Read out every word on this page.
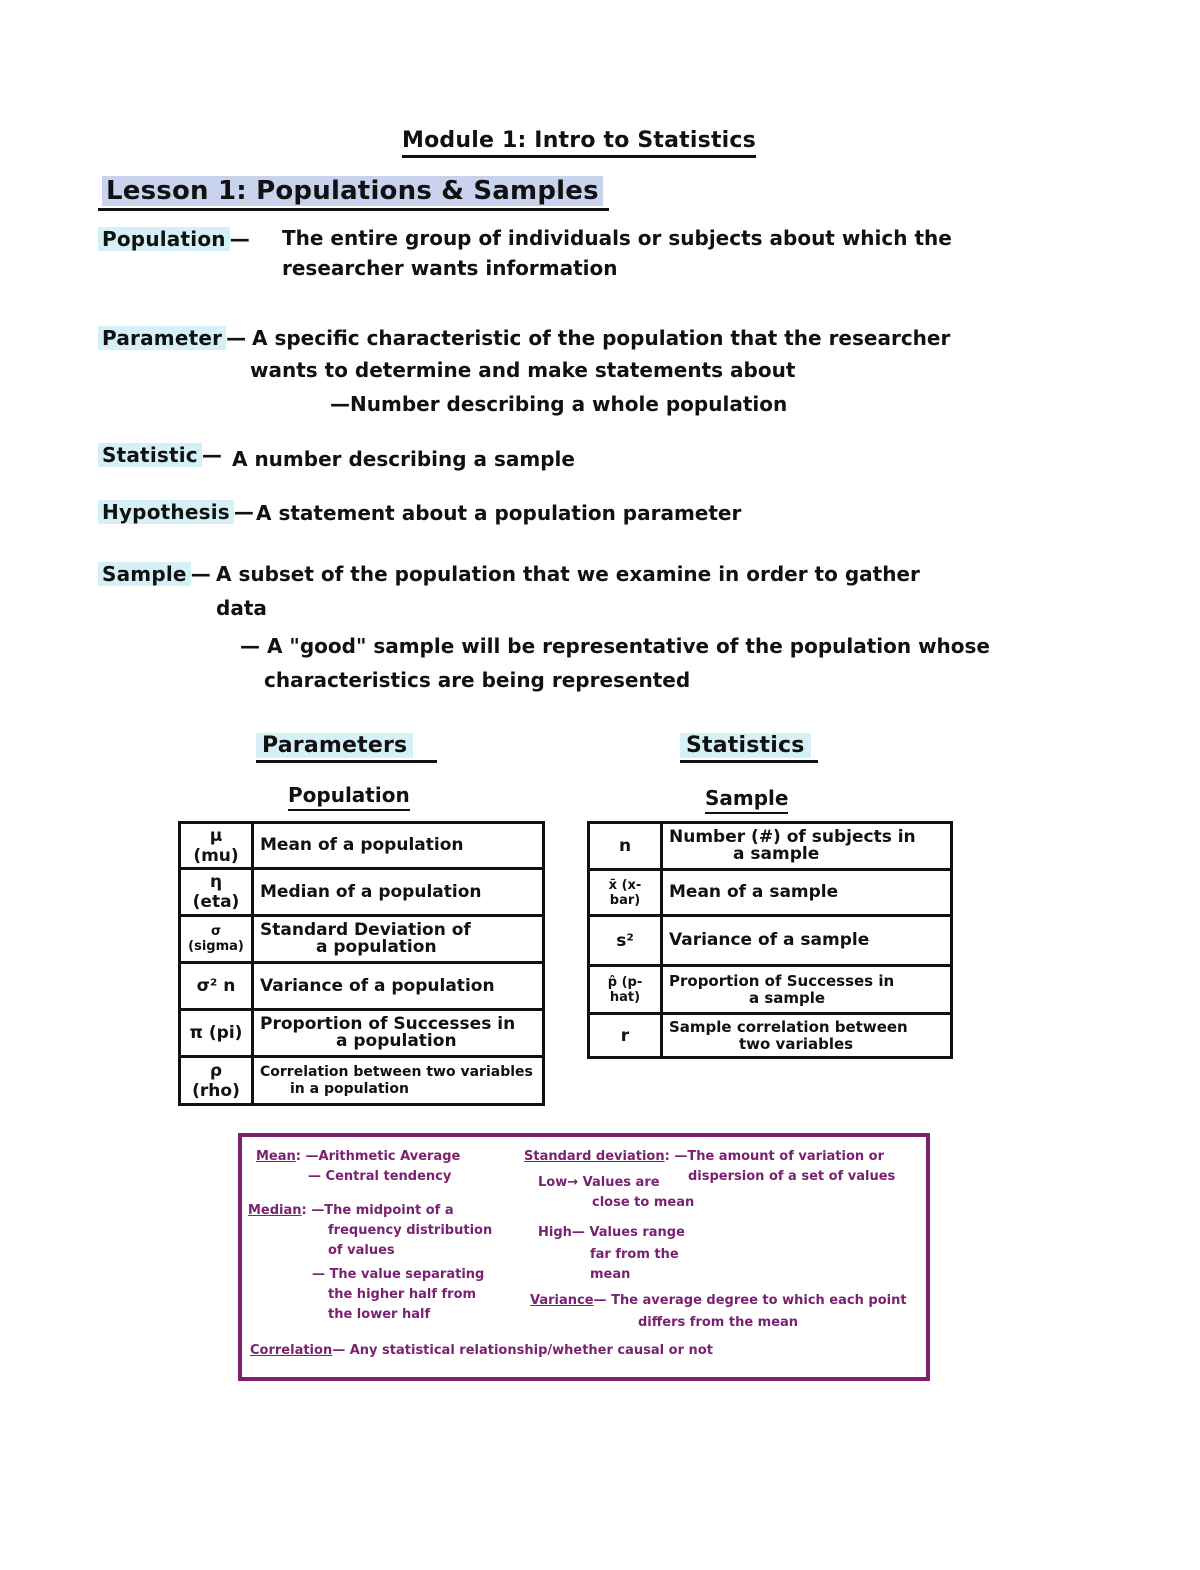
Module 1: Intro to Statistics
Lesson 1: Populations & Samples
Population — The entire group of individuals or subjects about which the
researcher wants information
Parameter — A specific characteristic of the population that the researcher
wants to determine and make statements about
—Number describing a whole population
Statistic — A number describing a sample
Hypothesis — A statement about a population parameter
Sample — A subset of the population that we examine in order to gather
data
— A "good" sample will be representative of the population whose
characteristics are being represented
Parameters
Population
μ (mu)	Mean of a population

η (eta)	Median of a population

σ (sigma)	Standard Deviation of
a population

σ² n	Variance of a population

π (pi)	Proportion of Successes in
a population

ρ (rho)	Correlation between two variables
in a population
Statistics
Sample
n	Number (#) of subjects in
a sample

x̄ (x-bar)	Mean of a sample

s²	Variance of a sample

p̂ (p-hat)	Proportion of Successes in
a sample

r	Sample correlation between
two variables
Mean: —Arithmetic Average
— Central tendency
Median: —The midpoint of a
frequency distribution
of values
— The value separating
the higher half from
the lower half
Standard deviation: —The amount of variation or
dispersion of a set of values
Low→ Values are
close to mean
High— Values range
far from the
mean
Variance— The average degree to which each point
differs from the mean
Correlation— Any statistical relationship/whether causal or not
